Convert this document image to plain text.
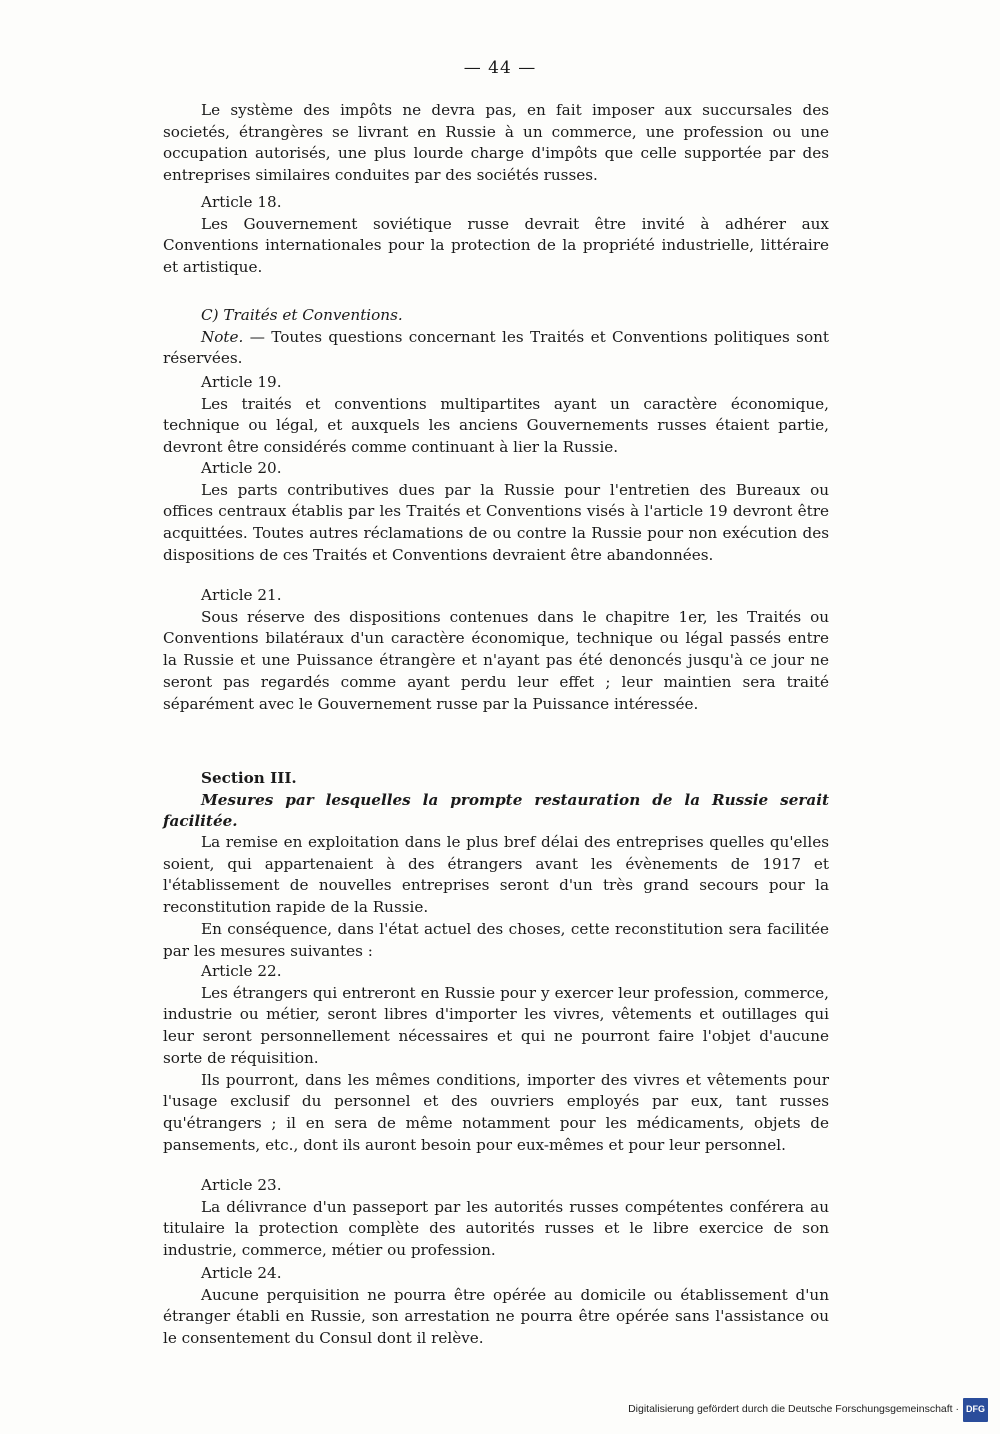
— 44 —

Le système des impôts ne devra pas, en fait imposer aux succursales des societés, étrangères se livrant en Russie à un commerce, une profession ou une occupation autorisés, une plus lourde charge d'impôts que celle supportée par des entreprises similaires conduites par des sociétés russes.

Article 18.

Les Gouvernement soviétique russe devrait être invité à adhérer aux Conventions internationales pour la protection de la propriété industrielle, littéraire et artistique.

C) Traités et Conventions.

Note. — Toutes questions concernant les Traités et Conventions politiques sont réservées.

Article 19.

Les traités et conventions multipartites ayant un caractère économique, technique ou légal, et auxquels les anciens Gouvernements russes étaient partie, devront être considérés comme continuant à lier la Russie.

Article 20.

Les parts contributives dues par la Russie pour l'entretien des Bureaux ou offices centraux établis par les Traités et Conventions visés à l'article 19 devront être acquittées. Toutes autres réclamations de ou contre la Russie pour non exécution des dispositions de ces Traités et Conventions devraient être abandonnées.

Article 21.

Sous réserve des dispositions contenues dans le chapitre 1er, les Traités ou Conventions bilatéraux d'un caractère économique, technique ou légal passés entre la Russie et une Puissance étrangère et n'ayant pas été denoncés jusqu'à ce jour ne seront pas regardés comme ayant perdu leur effet ; leur maintien sera traité séparément avec le Gouvernement russe par la Puissance intéressée.

Section III.

Mesures par lesquelles la prompte restauration de la Russie serait facilitée.

La remise en exploitation dans le plus bref délai des entreprises quelles qu'elles soient, qui appartenaient à des étrangers avant les évènements de 1917 et l'établissement de nouvelles entreprises seront d'un très grand secours pour la reconstitution rapide de la Russie.

En conséquence, dans l'état actuel des choses, cette reconstitution sera facilitée par les mesures suivantes :

Article 22.

Les étrangers qui entreront en Russie pour y exercer leur profession, commerce, industrie ou métier, seront libres d'importer les vivres, vêtements et outillages qui leur seront personnellement nécessaires et qui ne pourront faire l'objet d'aucune sorte de réquisition.

Ils pourront, dans les mêmes conditions, importer des vivres et vêtements pour l'usage exclusif du personnel et des ouvriers employés par eux, tant russes qu'étrangers ; il en sera de même notamment pour les médicaments, objets de pansements, etc., dont ils auront besoin pour eux-mêmes et pour leur personnel.

Article 23.

La délivrance d'un passeport par les autorités russes compétentes conférera au titulaire la protection complète des autorités russes et le libre exercice de son industrie, commerce, métier ou profession.

Article 24.

Aucune perquisition ne pourra être opérée au domicile ou établissement d'un étranger établi en Russie, son arrestation ne pourra être opérée sans l'assistance ou le consentement du Consul dont il relève.

Digitalisierung gefördert durch die Deutsche Forschungsgemeinschaft · DFG
